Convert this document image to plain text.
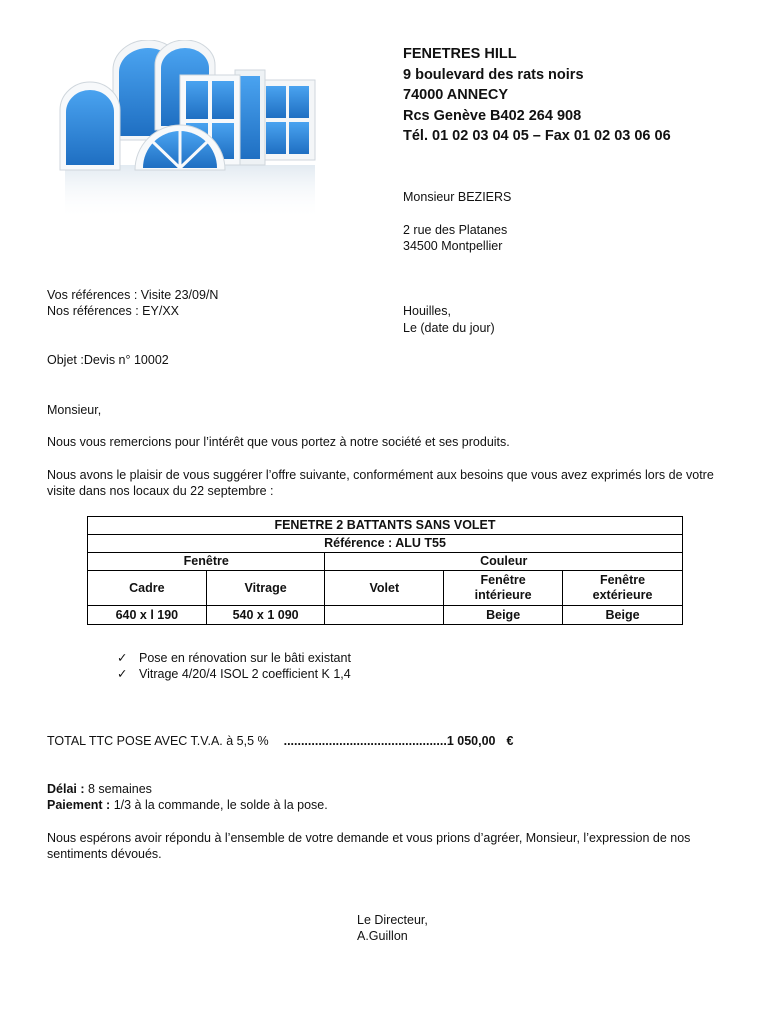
FENETRES HILL
9 boulevard des rats noirs
74000 ANNECY
Rcs Genève B402 264 908
Tél. 01 02 03 04 05 – Fax 01 02 03 06 06
Monsieur BEZIERS
2 rue des Platanes
34500 Montpellier
Vos références : Visite 23/09/N
Nos références : EY/XX	Houilles,
Le (date du jour)
Objet :Devis n° 10002
Monsieur,
Nous vous remercions pour l’intérêt que vous portez à notre société et ses produits.
Nous avons le plaisir de vous suggérer l’offre suivante, conformément aux besoins que vous avez exprimés lors de votre visite dans nos locaux du 22 septembre :
FENETRE 2 BATTANTS SANS VOLET				
Référence : ALU T55				
Fenêtre		Couleur		
Cadre	Vitrage	Volet	Fenêtre intérieure	Fenêtre extérieure
640 x l 190	540 x 1 090		Beige	Beige
✓ Pose en rénovation sur le bâti existant
✓ Vitrage 4/20/4 ISOL 2 coefficient K 1,4
TOTAL TTC POSE AVEC T.V.A. à 5,5 % ...............................................1 050,00 €
Délai : 8 semaines
Paiement : 1/3 à la commande, le solde à la pose.
Nous espérons avoir répondu à l’ensemble de votre demande et vous prions d’agréer, Monsieur, l’expression de nos sentiments dévoués.
Le Directeur,
A.Guillon
